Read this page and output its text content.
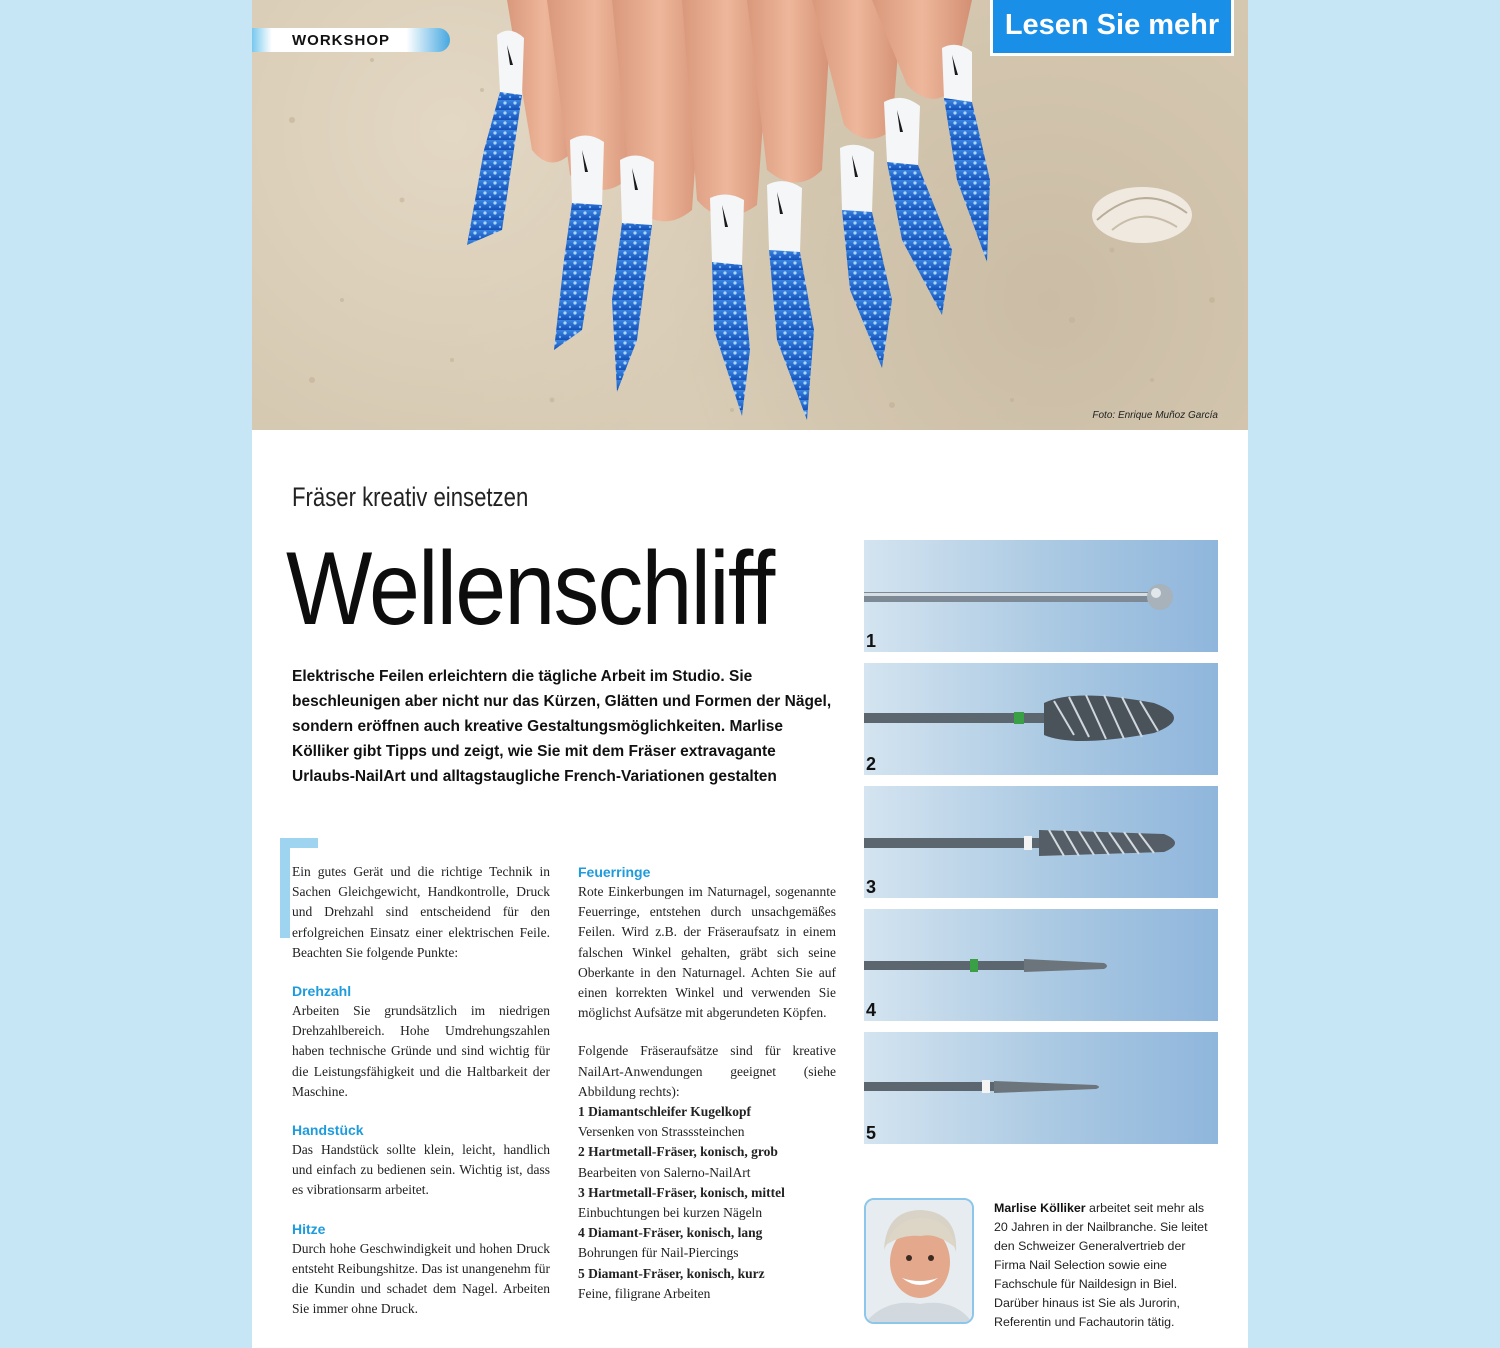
WORKSHOP	Lesen Sie mehr
Foto: Enrique Muñoz García
Fräser kreativ einsetzen
Wellenschliff
Elektrische Feilen erleichtern die tägliche Arbeit im Studio. Sie beschleunigen aber nicht nur das Kürzen, Glätten und Formen der Nägel, sondern eröffnen auch kreative Gestaltungsmöglichkeiten. Marlise Kölliker gibt Tipps und zeigt, wie Sie mit dem Fräser extravagante Urlaubs-NailArt und alltagstaugliche French-Variationen gestalten

Ein gutes Gerät und die richtige Technik in Sachen Gleichgewicht, Handkontrolle, Druck und Drehzahl sind entscheidend für den erfolgreichen Einsatz einer elektrischen Feile. Beachten Sie folgende Punkte:

Drehzahl

Arbeiten Sie grundsätzlich im niedrigen Drehzahlbereich. Hohe Umdrehungszahlen haben technische Gründe und sind wichtig für die Leistungsfähigkeit und die Haltbarkeit der Maschine.

Handstück

Das Handstück sollte klein, leicht, handlich und einfach zu bedienen sein. Wichtig ist, dass es vibrationsarm arbeitet.

Hitze

Durch hohe Geschwindigkeit und hohen Druck entsteht Reibungshitze. Das ist unangenehm für die Kundin und schadet dem Nagel. Arbeiten Sie immer ohne Druck.

Feuerringe

Rote Einkerbungen im Naturnagel, sogenannte Feuerringe, entstehen durch unsachgemäßes Feilen. Wird z.B. der Fräseraufsatz in einem falschen Winkel gehalten, gräbt sich seine Oberkante in den Naturnagel. Achten Sie auf einen korrekten Winkel und verwenden Sie möglichst Aufsätze mit abgerundeten Köpfen.

Folgende Fräseraufsätze sind für kreative NailArt-Anwendungen geeignet (siehe Abbildung rechts):

1 Diamantschleifer Kugelkopf
Versenken von Strasssteinchen
2 Hartmetall-Fräser, konisch, grob
Bearbeiten von Salerno-NailArt
3 Hartmetall-Fräser, konisch, mittel
Einbuchtungen bei kurzen Nägeln
4 Diamant-Fräser, konisch, lang
Bohrungen für Nail-Piercings
5 Diamant-Fräser, konisch, kurz
Feine, filigrane Arbeiten
1
2
3
4
5
Marlise Kölliker arbeitet seit mehr als 20 Jahren in der Nailbranche. Sie leitet den Schweizer Generalvertrieb der Firma Nail Selection sowie eine Fachschule für Naildesign in Biel. Darüber hinaus ist Sie als Jurorin, Referentin und Fachautorin tätig.
